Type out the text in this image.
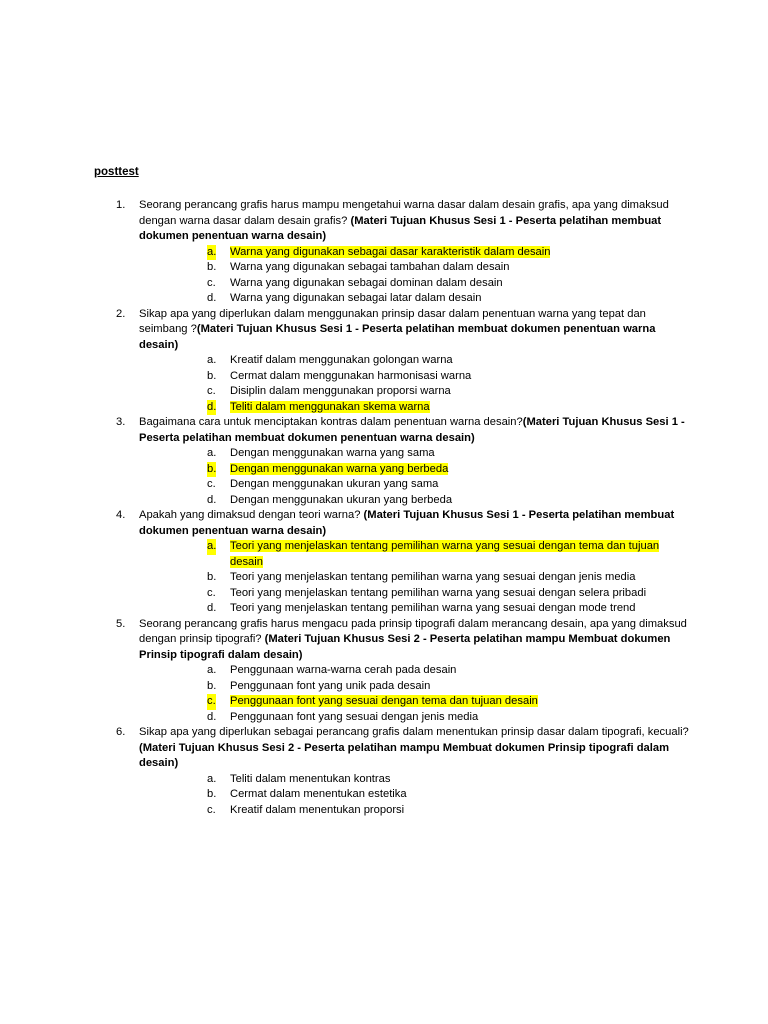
posttest
1. Seorang perancang grafis harus mampu mengetahui warna dasar dalam desain grafis, apa yang dimaksud dengan warna dasar dalam desain grafis? (Materi Tujuan Khusus Sesi 1 - Peserta pelatihan membuat dokumen penentuan warna desain)
a. Warna yang digunakan sebagai dasar karakteristik dalam desain
b. Warna yang digunakan sebagai tambahan dalam desain
c. Warna yang digunakan sebagai dominan dalam desain
d. Warna yang digunakan sebagai latar dalam desain
2. Sikap apa yang diperlukan dalam menggunakan prinsip dasar dalam penentuan warna yang tepat dan seimbang ?(Materi Tujuan Khusus Sesi 1 - Peserta pelatihan membuat dokumen penentuan warna desain)
a. Kreatif dalam menggunakan golongan warna
b. Cermat dalam menggunakan harmonisasi warna
c. Disiplin dalam menggunakan proporsi warna
d. Teliti dalam menggunakan skema warna
3. Bagaimana cara untuk menciptakan kontras dalam penentuan warna desain?(Materi Tujuan Khusus Sesi 1 - Peserta pelatihan membuat dokumen penentuan warna desain)
a. Dengan menggunakan warna yang sama
b. Dengan menggunakan warna yang berbeda
c. Dengan menggunakan ukuran yang sama
d. Dengan menggunakan ukuran yang berbeda
4. Apakah yang dimaksud dengan teori warna? (Materi Tujuan Khusus Sesi 1 - Peserta pelatihan membuat dokumen penentuan warna desain)
a. Teori yang menjelaskan tentang pemilihan warna yang sesuai dengan tema dan tujuan desain
b. Teori yang menjelaskan tentang pemilihan warna yang sesuai dengan jenis media
c. Teori yang menjelaskan tentang pemilihan warna yang sesuai dengan selera pribadi
d. Teori yang menjelaskan tentang pemilihan warna yang sesuai dengan mode trend
5. Seorang perancang grafis harus mengacu pada prinsip tipografi dalam merancang desain, apa yang dimaksud dengan prinsip tipografi? (Materi Tujuan Khusus Sesi 2 - Peserta pelatihan mampu Membuat dokumen Prinsip tipografi dalam desain)
a. Penggunaan warna-warna cerah pada desain
b. Penggunaan font yang unik pada desain
c. Penggunaan font yang sesuai dengan tema dan tujuan desain
d. Penggunaan font yang sesuai dengan jenis media
6. Sikap apa yang diperlukan sebagai perancang grafis dalam menentukan prinsip dasar dalam tipografi, kecuali? (Materi Tujuan Khusus Sesi 2 - Peserta pelatihan mampu Membuat dokumen Prinsip tipografi dalam desain)
a. Teliti dalam menentukan kontras
b. Cermat dalam menentukan estetika
c. Kreatif dalam menentukan proporsi
